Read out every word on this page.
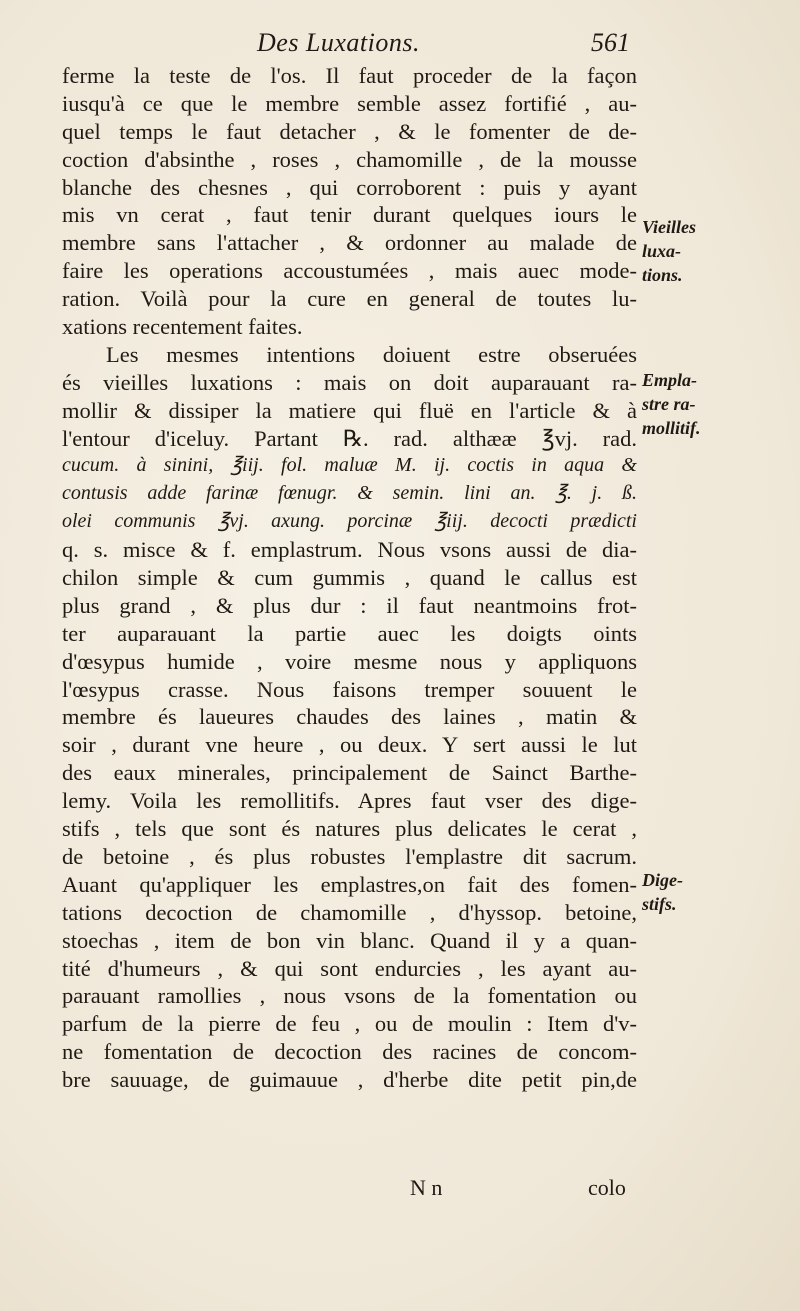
Des Luxations.	561
ferme la teste de l'os. Il faut proceder de la façon
iusqu'à ce que le membre semble assez fortifié , au-
quel temps le faut detacher , & le fomenter de de-
coction d'absinthe , roses , chamomille , de la mousse
blanche des chesnes , qui corroborent : puis y ayant
mis vn cerat , faut tenir durant quelques iours le
membre sans l'attacher , & ordonner au malade de
faire les operations accoustumées , mais auec mode-
ration. Voilà pour la cure en general de toutes lu-
xations recentement faites.
Les mesmes intentions doiuent estre obseruées
és vieilles luxations : mais on doit auparauant ra-
mollir & dissiper la matiere qui fluë en l'article & à
l'entour d'iceluy. Partant ℞. rad. althææ ℥vj. rad.
cucum. à sinini, ℥iij. fol. maluæ M. ij. coctis in aqua &
contusis adde farinæ fœnugr. & semin. lini an. ℥. j. ß.
olei communis ℥vj. axung. porcinæ ℥iij. decocti prædicti
q. s. misce & f. emplastrum. Nous vsons aussi de dia-
chilon simple & cum gummis , quand le callus est
plus grand , & plus dur : il faut neantmoins frot-
ter auparauant la partie auec les doigts oints
d'œsypus humide , voire mesme nous y appliquons
l'œsypus crasse. Nous faisons tremper souuent le
membre és laueures chaudes des laines , matin &
soir , durant vne heure , ou deux. Y sert aussi le lut
des eaux minerales, principalement de Sainct Barthe-
lemy. Voila les remollitifs. Apres faut vser des dige-
stifs , tels que sont és natures plus delicates le cerat ,
de betoine , és plus robustes l'emplastre dit sacrum.
Auant qu'appliquer les emplastres,on fait des fomen-
tations decoction de chamomille , d'hyssop. betoine,
stoechas , item de bon vin blanc. Quand il y a quan-
tité d'humeurs , & qui sont endurcies , les ayant au-
parauant ramollies , nous vsons de la fomentation ou
parfum de la pierre de feu , ou de moulin : Item d'v-
ne fomentation de decoction des racines de concom-
bre sauuage, de guimauue , d'herbe dite petit pin,de
Vieilles
luxa-
tions.
Empla-
stre ra-
mollitif.
Dige-
stifs.
N n	colo
